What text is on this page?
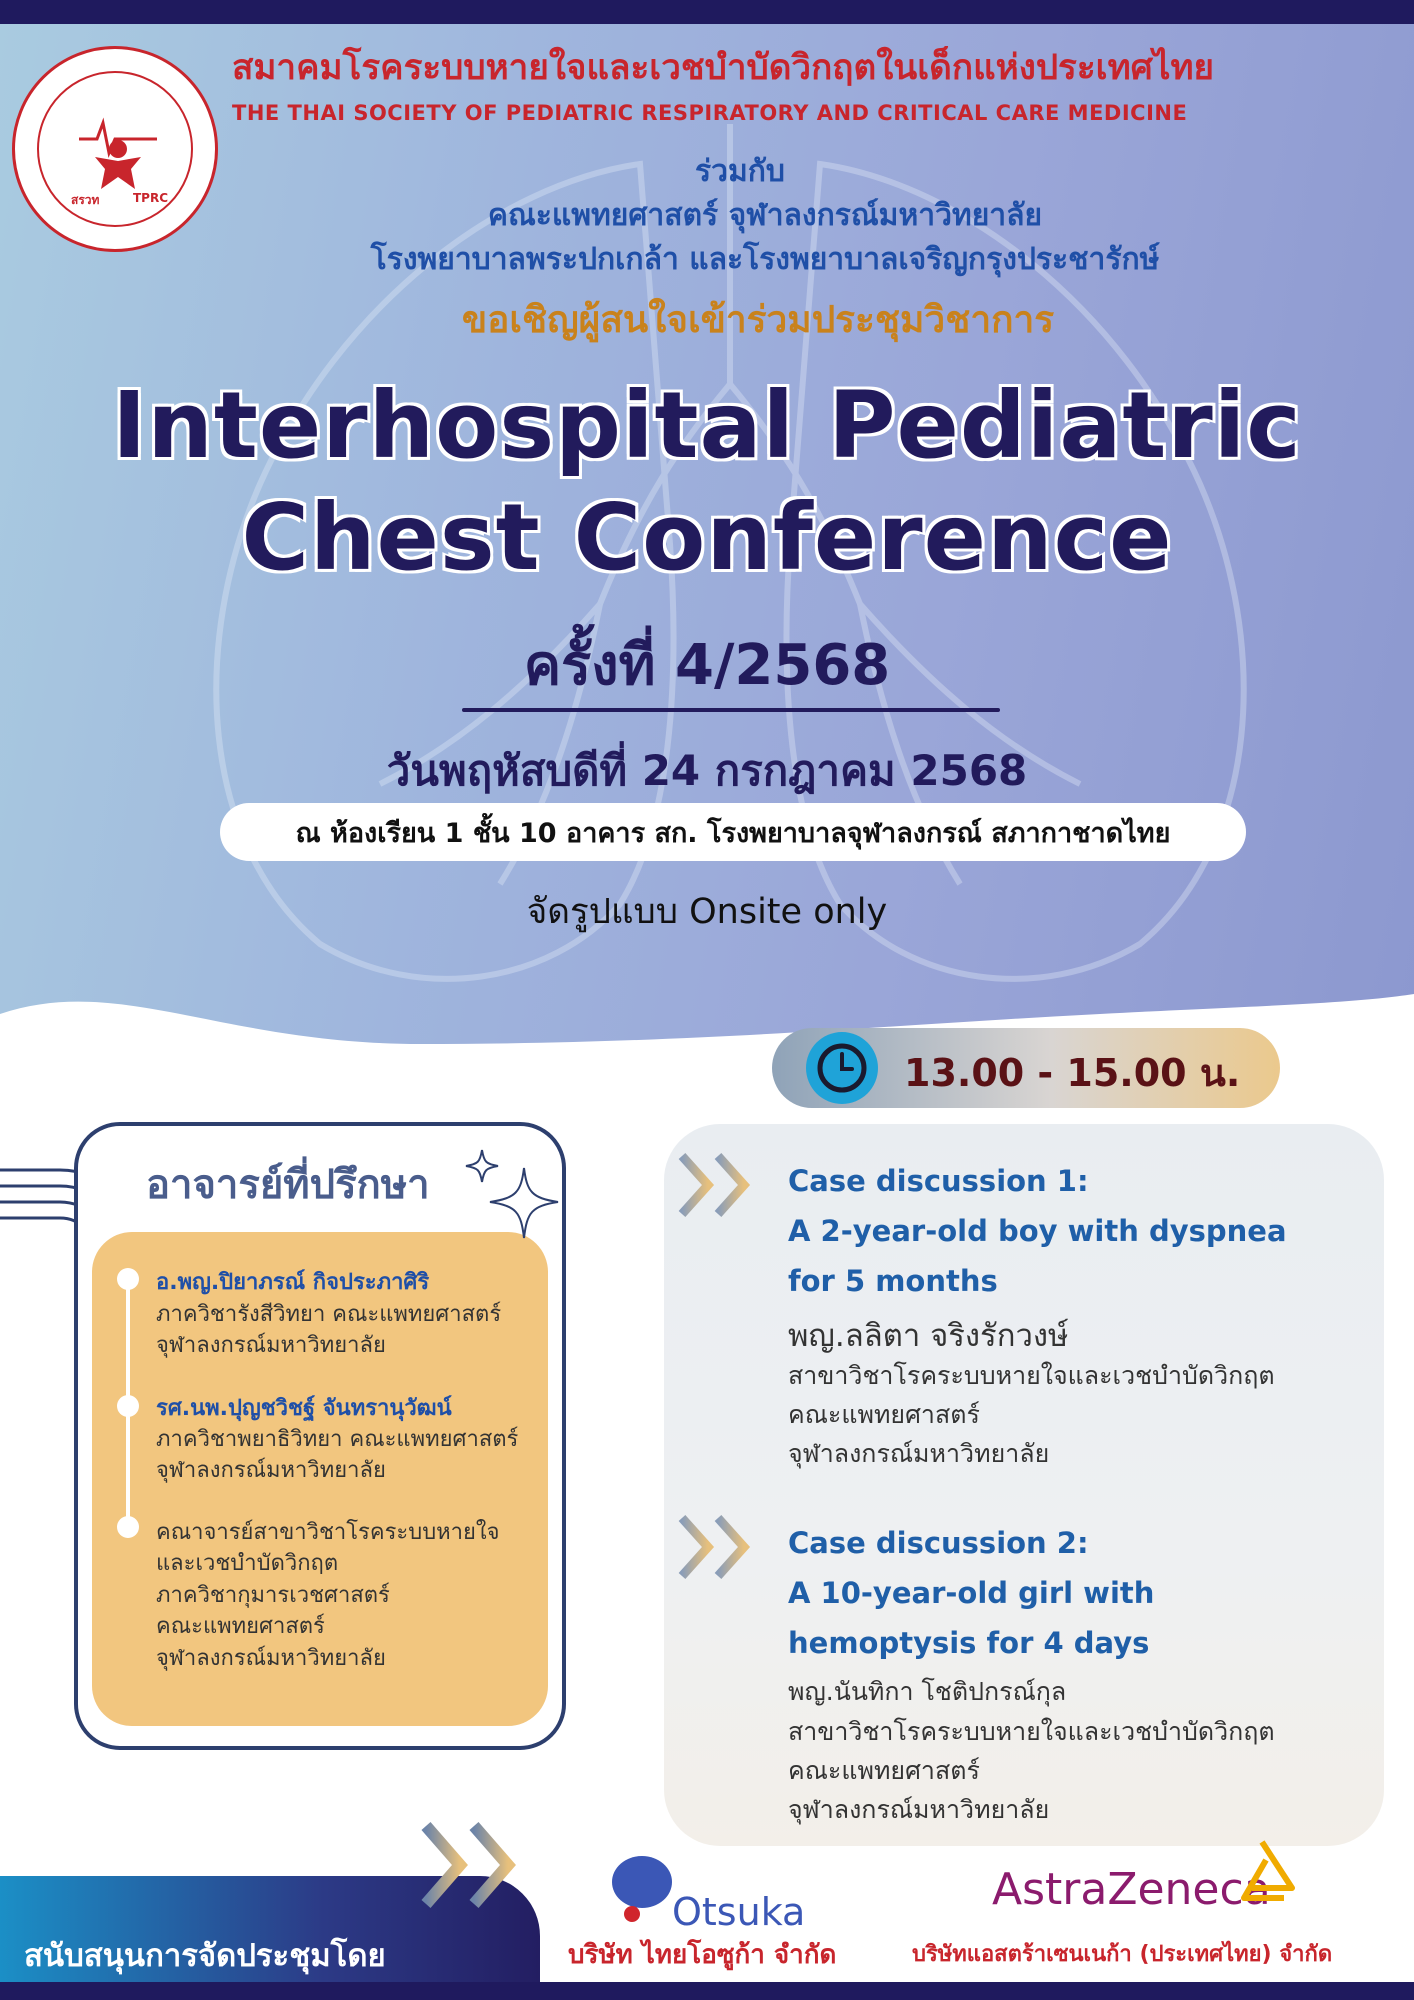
สรวท	TPRC
สมาคมโรคระบบหายใจและเวชบำบัดวิกฤตในเด็กแห่งประเทศไทย
THE THAI SOCIETY OF PEDIATRIC RESPIRATORY AND CRITICAL CARE MEDICINE
ร่วมกับ
คณะแพทยศาสตร์ จุฬาลงกรณ์มหาวิทยาลัย
โรงพยาบาลพระปกเกล้า และโรงพยาบาลเจริญกรุงประชารักษ์
ขอเชิญผู้สนใจเข้าร่วมประชุมวิชาการ
Interhospital Pediatric
Chest Conference
ครั้งที่ 4/2568
วันพฤหัสบดีที่ 24 กรกฎาคม 2568
ณ ห้องเรียน 1 ชั้น 10 อาคาร สก. โรงพยาบาลจุฬาลงกรณ์ สภากาชาดไทย
จัดรูปแบบ Onsite only
13.00 - 15.00 น.
อาจารย์ที่ปรึกษา
อ.พญ.ปิยาภรณ์ กิจประภาศิริ
ภาควิชารังสีวิทยา คณะแพทยศาสตร์
จุฬาลงกรณ์มหาวิทยาลัย
รศ.นพ.ปุญชวิชฐ์ จันทรานุวัฒน์
ภาควิชาพยาธิวิทยา คณะแพทยศาสตร์
จุฬาลงกรณ์มหาวิทยาลัย
คณาจารย์สาขาวิชาโรคระบบหายใจ
และเวชบำบัดวิกฤต
ภาควิชากุมารเวชศาสตร์
คณะแพทยศาสตร์
จุฬาลงกรณ์มหาวิทยาลัย
Case discussion 1:
A 2-year-old boy with dyspnea
for 5 months
พญ.ลลิตา จริงรักวงษ์
สาขาวิชาโรคระบบหายใจและเวชบำบัดวิกฤต
คณะแพทยศาสตร์
จุฬาลงกรณ์มหาวิทยาลัย
Case discussion 2:
A 10-year-old girl with
hemoptysis for 4 days
พญ.นันทิกา โชติปกรณ์กุล
สาขาวิชาโรคระบบหายใจและเวชบำบัดวิกฤต
คณะแพทยศาสตร์
จุฬาลงกรณ์มหาวิทยาลัย
สนับสนุนการจัดประชุมโดย
Otsuka
บริษัท ไทยโอซูก้า จำกัด
AstraZeneca
บริษัทแอสตร้าเซนเนก้า (ประเทศไทย) จำกัด
